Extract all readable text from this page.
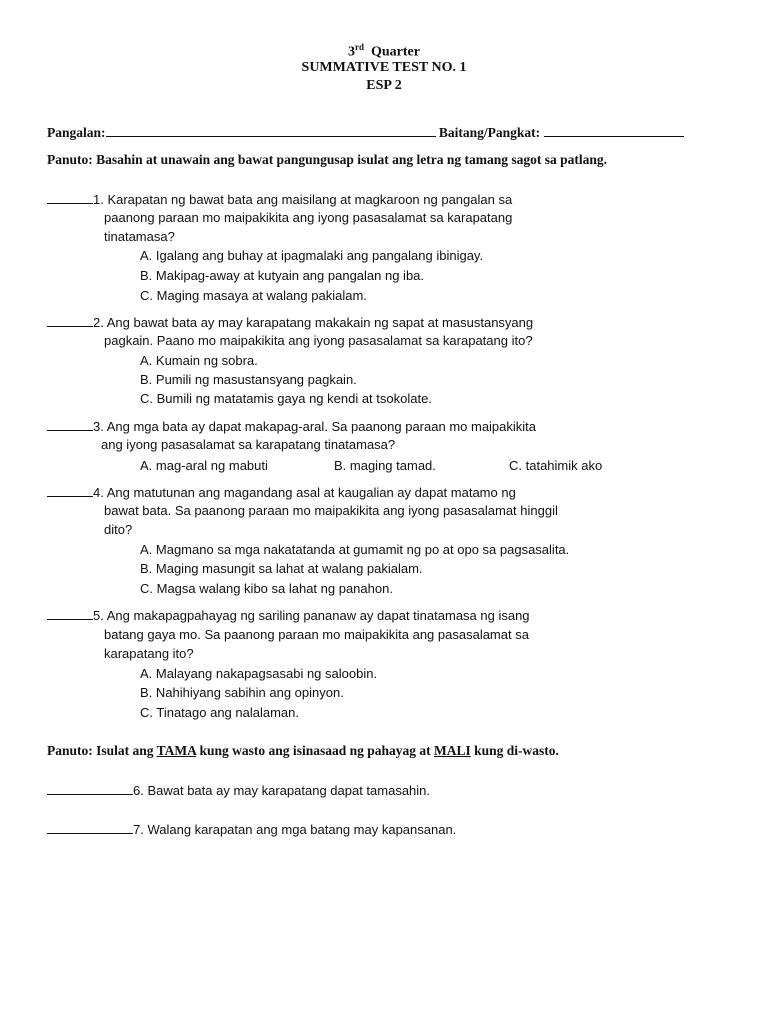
3rd Quarter
SUMMATIVE TEST NO. 1
ESP 2
Pangalan:	Baitang/Pangkat:
Panuto: Basahin at unawain ang bawat pangungusap isulat ang letra ng tamang sagot sa patlang.
1. Karapatan ng bawat bata ang maisilang at magkaroon ng pangalan sa
paanong paraan mo maipakikita ang iyong pasasalamat sa karapatang
tinatamasa?
A. Igalang ang buhay at ipagmalaki ang pangalang ibinigay.
B. Makipag-away at kutyain ang pangalan ng iba.
C. Maging masaya at walang pakialam.
2. Ang bawat bata ay may karapatang makakain ng sapat at masustansyang
pagkain. Paano mo maipakikita ang iyong pasasalamat sa karapatang ito?
A. Kumain ng sobra.
B. Pumili ng masustansyang pagkain.
C. Bumili ng matatamis gaya ng kendi at tsokolate.
3. Ang mga bata ay dapat makapag-aral. Sa paanong paraan mo maipakikita
ang iyong pasasalamat sa karapatang tinatamasa?
A. mag-aral ng mabuti	B. maging tamad.	C. tatahimik ako
4. Ang matutunan ang magandang asal at kaugalian ay dapat matamo ng
bawat bata. Sa paanong paraan mo maipakikita ang iyong pasasalamat hinggil
dito?
A. Magmano sa mga nakatatanda at gumamit ng po at opo sa pagsasalita.
B. Maging masungit sa lahat at walang pakialam.
C. Magsa walang kibo sa lahat ng panahon.
5. Ang makapagpahayag ng sariling pananaw ay dapat tinatamasa ng isang
batang gaya mo. Sa paanong paraan mo maipakikita ang pasasalamat sa
karapatang ito?
A. Malayang nakapagsasabi ng saloobin.
B. Nahihiyang sabihin ang opinyon.
C. Tinatago ang nalalaman.
Panuto: Isulat ang TAMA kung wasto ang isinasaad ng pahayag at MALI kung di-wasto.
6. Bawat bata ay may karapatang dapat tamasahin.
7. Walang karapatan ang mga batang may kapansanan.
